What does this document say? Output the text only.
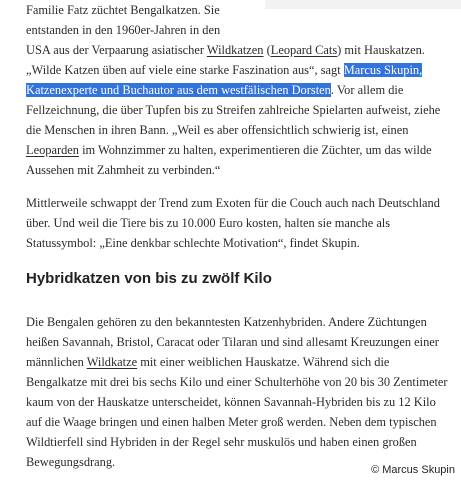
Familie Fatz züchtet Bengalkatzen. Sie
entstanden in den 1960er-Jahren in den
USA aus der Verpaarung asiatischer Wildkatzen (Leopard Cats) mit Hauskatzen.
„Wilde Katzen üben auf viele eine starke Faszination aus“, sagt Marcus Skupin,
Katzenexperte und Buchautor aus dem westfälischen Dorsten. Vor allem die
Fellzeichnung, die über Tupfen bis zu Streifen zahlreiche Spielarten aufweist, ziehe
die Menschen in ihren Bann. „Weil es aber offensichtlich schwierig ist, einen
Leoparden im Wohnzimmer zu halten, experimentieren die Züchter, um das wilde
Aussehen mit Zahmheit zu verbinden.“

Mittlerweile schwappt der Trend zum Exoten für die Couch auch nach Deutschland
über. Und weil die Tiere bis zu 10.000 Euro kosten, halten sie manche als
Statussymbol: „Eine denkbar schlechte Motivation“, findet Skupin.

Hybridkatzen von bis zu zwölf Kilo

Die Bengalen gehören zu den bekanntesten Katzenhybriden. Andere Züchtungen
heißen Savannah, Bristol, Caracat oder Tilaran und sind allesamt Kreuzungen einer
männlichen Wildkatze mit einer weiblichen Hauskatze. Während sich die
Bengalkatze mit drei bis sechs Kilo und einer Schulterhöhe von 20 bis 30 Zentimeter
kaum von der Hauskatze unterscheidet, können Savannah-Hybriden bis zu 12 Kilo
auf die Waage bringen und einen halben Meter groß werden. Neben dem typischen
Wildtierfell sind Hybriden in der Regel sehr muskulös und haben einen großen
Bewegungsdrang.

© Marcus Skupin
